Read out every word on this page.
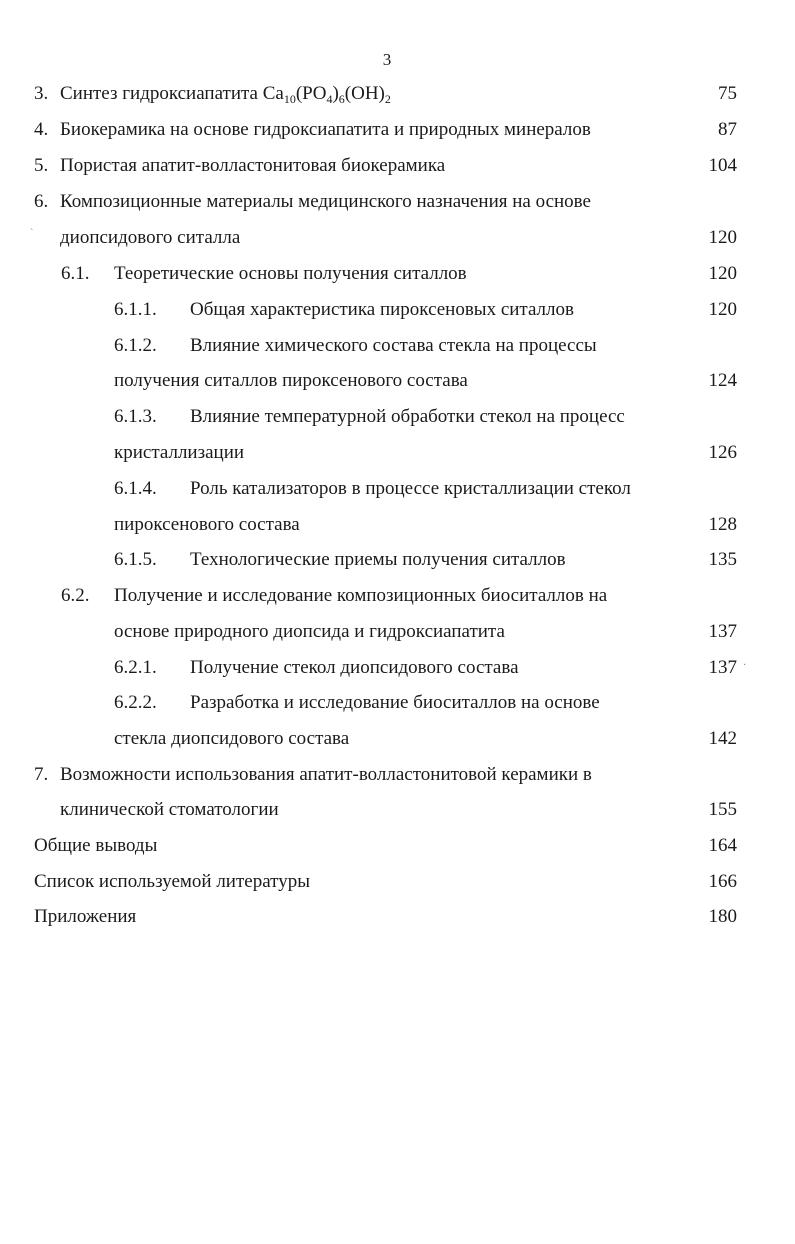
3
3. Синтез гидроксиапатита $Ca_{10}(PO_4)_6(OH)_2$	75
4. Биокерамика на основе гидроксиапатита и природных минералов	87
5. Пористая апатит-волластонитовая биокерамика	104
6. Композиционные материалы медицинского назначения на основе
` диопсидового ситалла	120
6.1. Теоретические основы получения ситаллов	120
6.1.1. Общая характеристика пироксеновых ситаллов	120
6.1.2. Влияние химического состава стекла на процессы
получения ситаллов пироксенового состава	124
6.1.3. Влияние температурной обработки стекол на процесс
кристаллизации	126
6.1.4. Роль катализаторов в процессе кристаллизации стекол
пироксенового состава	128
6.1.5. Технологические приемы получения ситаллов	135
6.2. Получение и исследование композиционных биоситаллов на
основе природного диопсида и гидроксиапатита	137
6.2.1. Получение стекол диопсидового состава	137 ·
6.2.2. Разработка и исследование биоситаллов на основе
стекла диопсидового состава	142
7. Возможности использования апатит-волластонитовой керамики в
клинической стоматологии	155
Общие выводы	164
Список используемой литературы	166
Приложения	180
